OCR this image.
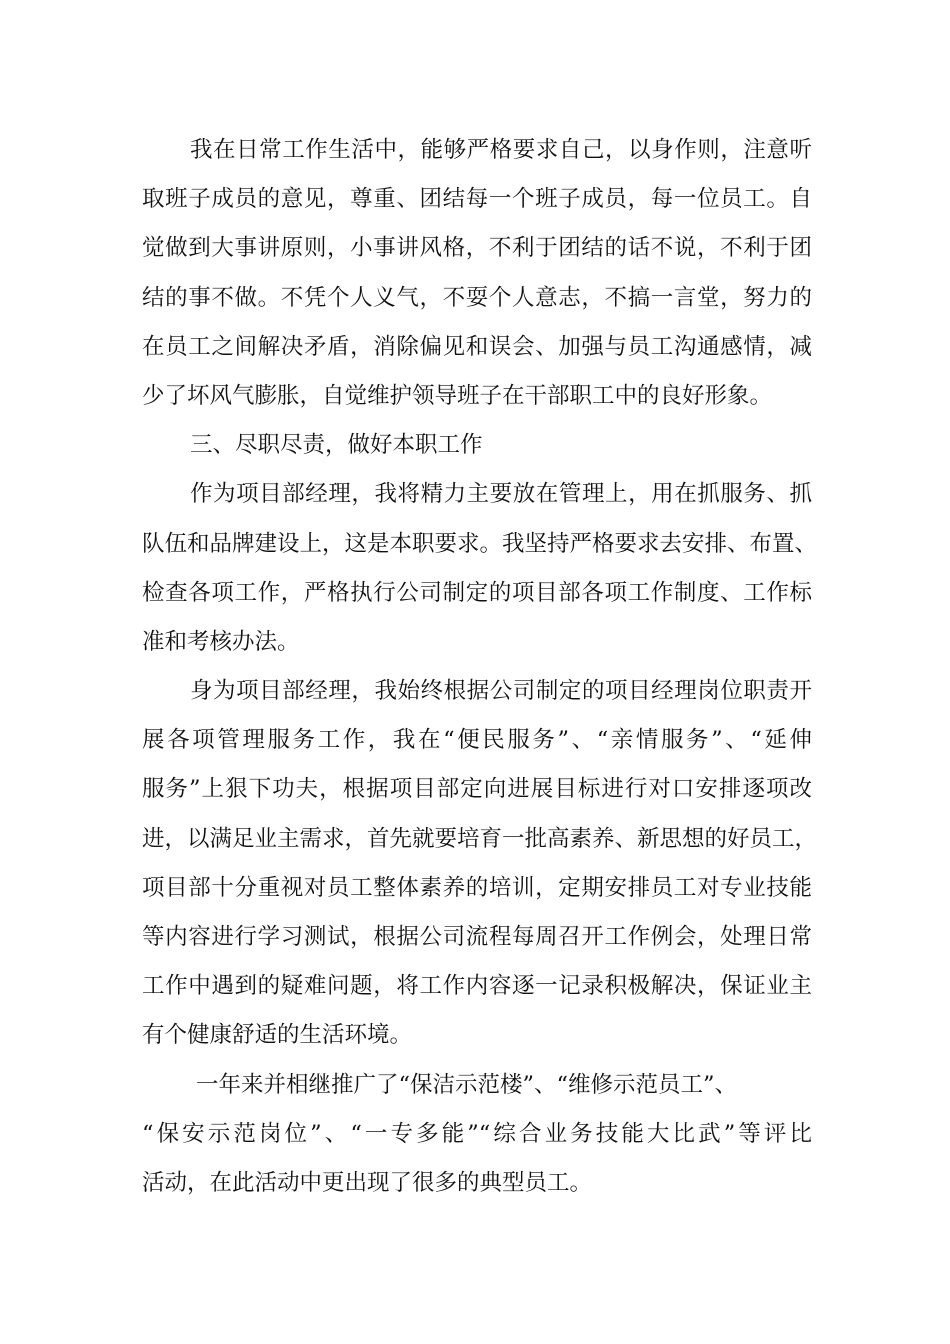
我在日常工作生活中，能够严格要求自己，以身作则，注意听
取班子成员的意见，尊重、团结每一个班子成员，每一位员工。自
觉做到大事讲原则，小事讲风格，不利于团结的话不说，不利于团
结的事不做。不凭个人义气，不耍个人意志，不搞一言堂，努力的
在员工之间解决矛盾，消除偏见和误会、加强与员工沟通感情，减
少了坏风气膨胀，自觉维护领导班子在干部职工中的良好形象。
三、尽职尽责，做好本职工作
作为项目部经理，我将精力主要放在管理上，用在抓服务、抓
队伍和品牌建设上，这是本职要求。我坚持严格要求去安排、布置、
检查各项工作，严格执行公司制定的项目部各项工作制度、工作标
准和考核办法。
身为项目部经理，我始终根据公司制定的项目经理岗位职责开
展各项管理服务工作，我在“便民服务”、“亲情服务”、“延伸
服务”上狠下功夫，根据项目部定向进展目标进行对口安排逐项改
进，以满足业主需求，首先就要培育一批高素养、新思想的好员工，
项目部十分重视对员工整体素养的培训，定期安排员工对专业技能
等内容进行学习测试，根据公司流程每周召开工作例会，处理日常
工作中遇到的疑难问题，将工作内容逐一记录积极解决，保证业主
有个健康舒适的生活环境。
一年来并相继推广了“保洁示范楼”、“维修示范员工”、
“保安示范岗位”、“一专多能”“综合业务技能大比武”等评比
活动，在此活动中更出现了很多的典型员工。
